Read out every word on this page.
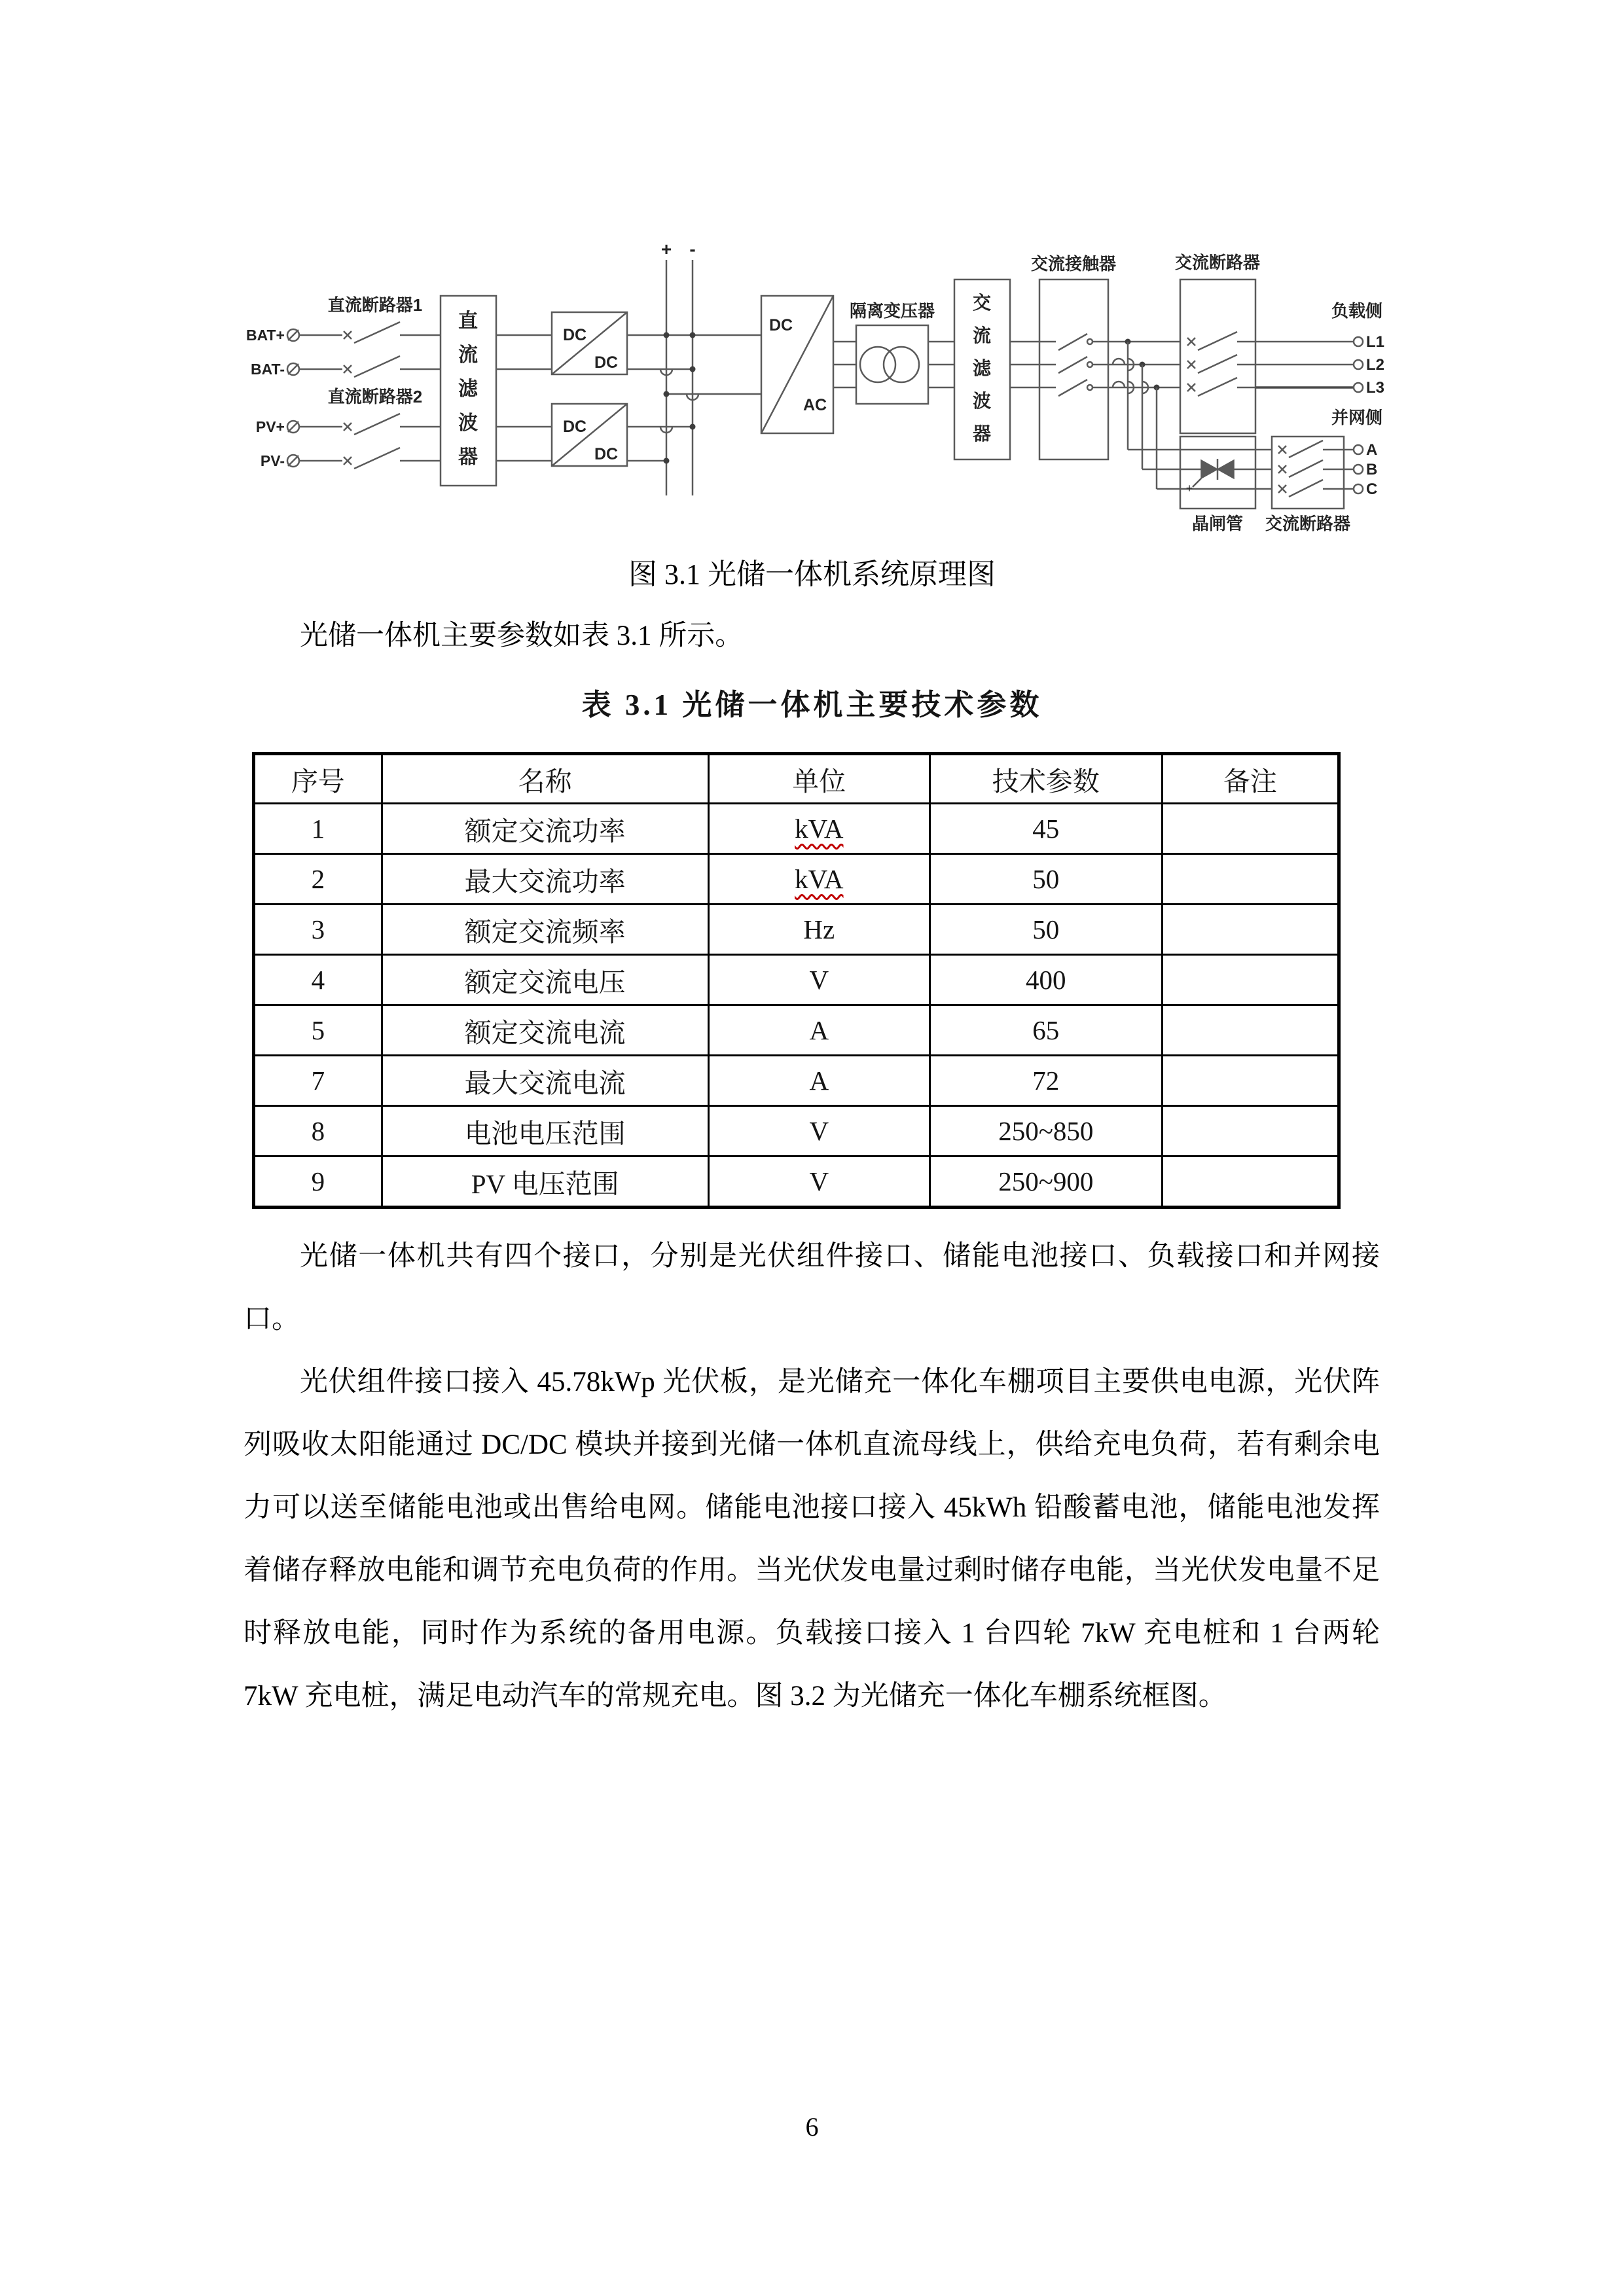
BAT+
BAT-
PV+
PV-
直流断路器1
直流断路器2
直流滤波器
DC
DC
DC
DC
+ -
DC
AC
隔离变压器 交流滤波器
交流接触器	交流断路器
负载侧
L1
L2
L3
+
晶闸管 交流断路器
并网侧
A
B
C
图 3.1 光储一体机系统原理图
光储一体机主要参数如表 3.1 所示。
表 3.1 光储一体机主要技术参数
序号	名称	单位	技术参数	备注
1	额定交流功率	kVA	45	
2	最大交流功率	kVA	50	
3	额定交流频率	Hz	50	
4	额定交流电压	V	400	
5	额定交流电流	A	65	
7	最大交流电流	A	72	
8	电池电压范围	V	250~850	
9	PV 电压范围	V	250~900	
光储一体机共有四个接口，分别是光伏组件接口、储能电池接口、负载接口和并网接口。
光伏组件接口接入 45.78kWp 光伏板，是光储充一体化车棚项目主要供电电源，光伏阵列吸收太阳能通过 DC/DC 模块并接到光储一体机直流母线上，供给充电负荷，若有剩余电力可以送至储能电池或出售给电网。储能电池接口接入 45kWh 铅酸蓄电池，储能电池发挥着储存释放电能和调节充电负荷的作用。当光伏发电量过剩时储存电能，当光伏发电量不足时释放电能，同时作为系统的备用电源。负载接口接入 1 台四轮 7kW 充电桩和 1 台两轮 7kW 充电桩，满足电动汽车的常规充电。图 3.2 为光储充一体化车棚系统框图。
6
